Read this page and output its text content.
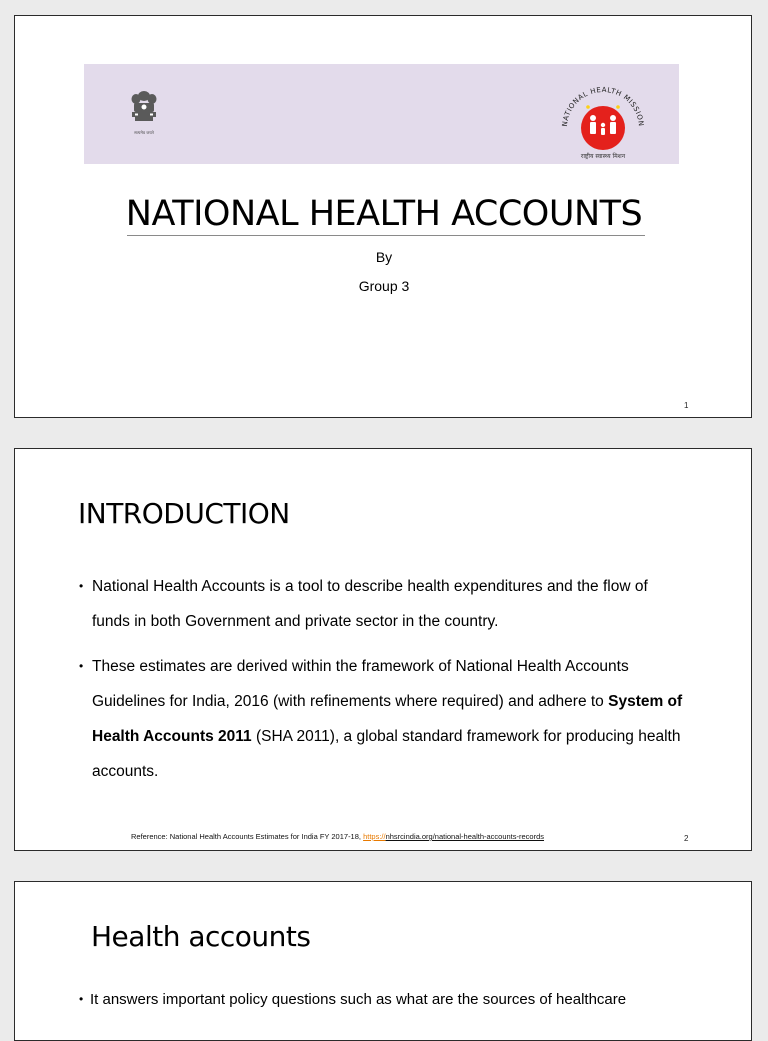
सत्यमेव जयते
NATIONAL HEALTH MISSION
राष्ट्रीय स्वास्थ्य मिशन
NATIONAL HEALTH ACCOUNTS
By
Group 3
1
INTRODUCTION
• National Health Accounts is a tool to describe health expenditures and the flow of funds in both Government and private sector in the country.
• These estimates are derived within the framework of National Health Accounts Guidelines for India, 2016 (with refinements where required) and adhere to System of Health Accounts 2011 (SHA 2011), a global standard framework for producing health accounts.
Reference: National Health Accounts Estimates for India FY 2017-18, https://nhsrcindia.org/national-health-accounts-records	2
Health accounts
• It answers important policy questions such as what are the sources of healthcare
